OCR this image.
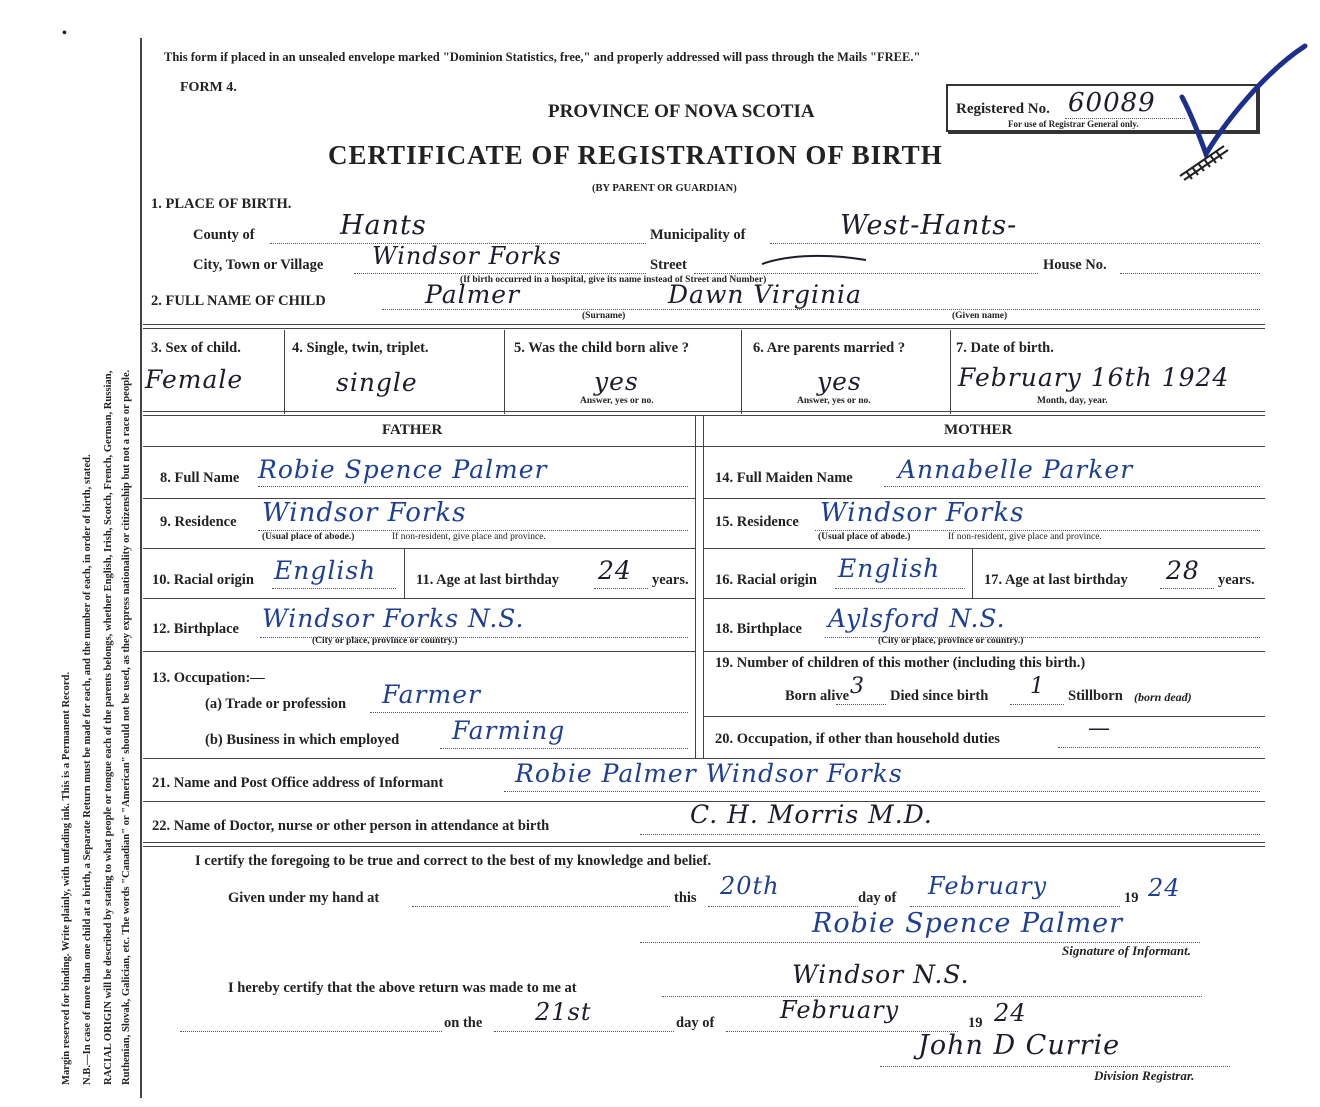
Margin reserved for binding. Write plainly, with unfading ink. This is a Permanent Record. N.B.—In case of more than one child at a birth, a Separate Return must be made for each, and the number of each, in order of birth, stated. RACIAL ORIGIN will be described by stating to what people or tongue each of the parents belongs, whether English, Irish, Scotch, French, German, Russian, Ruthenian, Slovak, Galician, etc. The words "Canadian" or "American" should not be used, as they express nationality or citizenship but not a race or people.
This form if placed in an unsealed envelope marked "Dominion Statistics, free," and properly addressed will pass through the Mails "FREE."
FORM 4.
PROVINCE OF NOVA SCOTIA
CERTIFICATE OF REGISTRATION OF BIRTH
(BY PARENT OR GUARDIAN)
Registered No. 60089
For use of Registrar General only.
1. PLACE OF BIRTH.
County of	Hants	Municipality of	West-Hants-
City, Town or Village Windsor Forks	Street	House No.
(If birth occurred in a hospital, give its name instead of Street and Number)
2. FULL NAME OF CHILD	Palmer	Dawn Virginia
(Surname)	(Given name)
3. Sex of child.
Female
4. Single, twin, triplet.
single
5. Was the child born alive ?
yes
Answer, yes or no.
6. Are parents married ?
yes
Answer, yes or no.
7. Date of birth.
February 16th 1924
Month, day, year.
FATHER	MOTHER
8. Full Name Robie Spence Palmer
9. Residence Windsor Forks
(Usual place of abode.)	If non-resident, give place and province.
10. Racial origin English	11. Age at last birthday 24 years.
12. Birthplace Windsor Forks N.S.
(City or place, province or country.)
13. Occupation:—
(a) Trade or profession Farmer
(b) Business in which employed Farming
14. Full Maiden Name Annabelle Parker
15. Residence Windsor Forks
(Usual place of abode.)	If non-resident, give place and province.
16. Racial origin English	17. Age at last birthday 28 years.
18. Birthplace Aylsford N.S.
(City or place, province or country.)
19. Number of children of this mother (including this birth.)
Born alive 3 Died since birth 1 Stillborn (born dead)
20. Occupation, if other than household duties	—
21. Name and Post Office address of Informant	Robie Palmer Windsor Forks
22. Name of Doctor, nurse or other person in attendance at birth	C. H. Morris M.D.
I certify the foregoing to be true and correct to the best of my knowledge and belief.
Given under my hand at	this 20th	day of February	19 24
Robie Spence Palmer
Signature of Informant.
I hereby certify that the above return was made to me at	Windsor N.S.
on the 21st	day of	February	19 24
John D Currie
Division Registrar.
•
